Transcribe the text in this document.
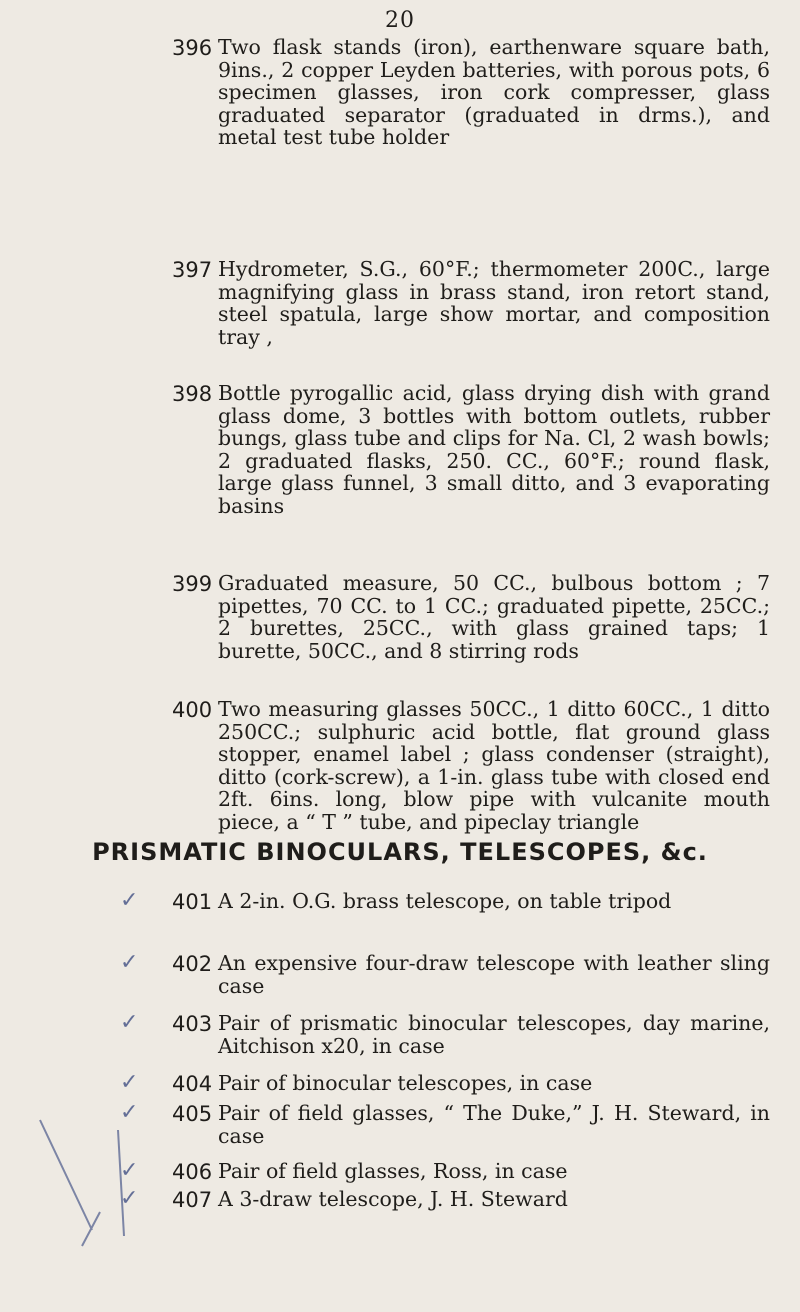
20
396 Two flask stands (iron), earthenware square bath, 9ins., 2 copper Leyden batteries, with porous pots, 6 specimen glasses, iron cork compresser, glass graduated separator (graduated in drms.), and metal test tube holder
397 Hydrometer, S.G., 60°F.; thermometer 200C., large magnifying glass in brass stand, iron retort stand, steel spatula, large show mortar, and composition tray ,
398 Bottle pyrogallic acid, glass drying dish with grand glass dome, 3 bottles with bottom outlets, rubber bungs, glass tube and clips for Na. Cl, 2 wash bowls; 2 graduated flasks, 250. CC., 60°F.; round flask, large glass funnel, 3 small ditto, and 3 evaporating basins
399 Graduated measure, 50 CC., bulbous bottom ; 7 pipettes, 70 CC. to 1 CC.; graduated pipette, 25CC.; 2 burettes, 25CC., with glass grained taps; 1 burette, 50CC., and 8 stirring rods
400 Two measuring glasses 50CC., 1 ditto 60CC., 1 ditto 250CC.; sulphuric acid bottle, flat ground glass stopper, enamel label ; glass condenser (straight), ditto (cork-screw), a 1-in. glass tube with closed end 2ft. 6ins. long, blow pipe with vulcanite mouth piece, a “ T ” tube, and pipeclay triangle
PRISMATIC BINOCULARS, TELESCOPES, &c.
401 A 2-in. O.G. brass telescope, on table tripod
402 An expensive four-draw telescope with leather sling case
403 Pair of prismatic binocular telescopes, day marine, Aitchison x20, in case
404 Pair of binocular telescopes, in case
405 Pair of field glasses, “ The Duke,” J. H. Steward, in case
406 Pair of field glasses, Ross, in case
407 A 3-draw telescope, J. H. Steward
✓
✓
✓
✓
✓
✓
✓
